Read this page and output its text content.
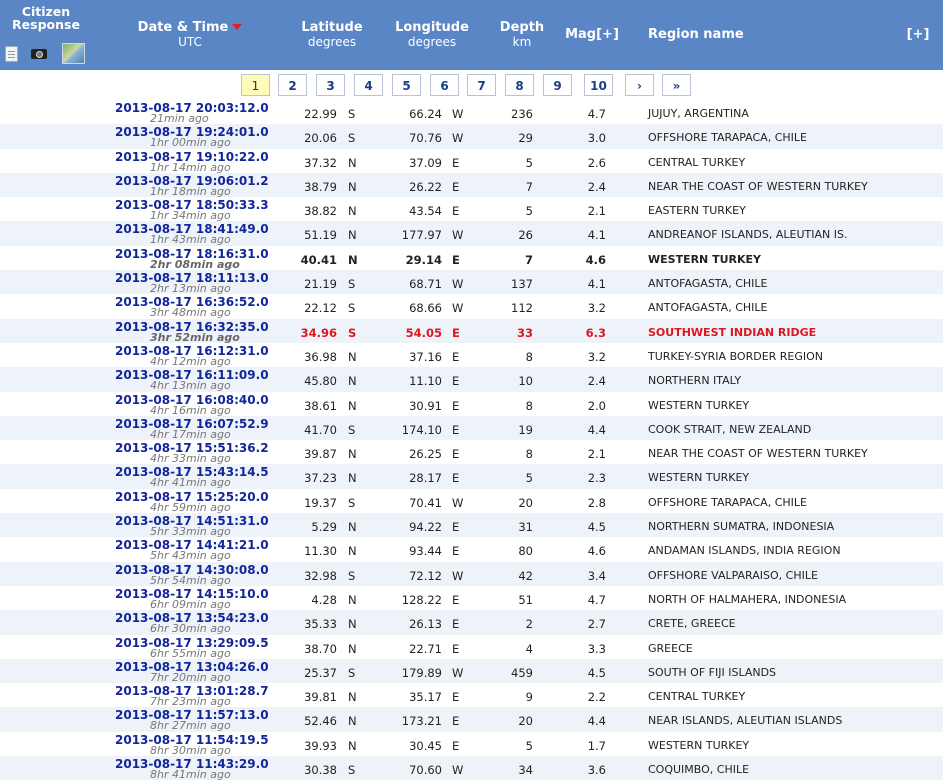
Citizen
Response	Date & Time
UTC
Latitude
degrees
Longitude
degrees
Depth
km	Mag[+]	Region name	[+]
1	2	3	4	5	6	7	8	9	10	›	»
2013-08-17 20:03:12.0
21min ago	22.99 S	66.24 W	236	4.7	JUJUY, ARGENTINA
2013-08-17 19:24:01.0
1hr 00min ago	20.06 S	70.76 W	29	3.0	OFFSHORE TARAPACA, CHILE
2013-08-17 19:10:22.0
1hr 14min ago	37.32 N	37.09 E	5	2.6	CENTRAL TURKEY
2013-08-17 19:06:01.2
1hr 18min ago	38.79 N	26.22 E	7	2.4	NEAR THE COAST OF WESTERN TURKEY
2013-08-17 18:50:33.3
1hr 34min ago	38.82 N	43.54 E	5	2.1	EASTERN TURKEY
2013-08-17 18:41:49.0
1hr 43min ago	51.19 N	177.97 W	26	4.1	ANDREANOF ISLANDS, ALEUTIAN IS.
2013-08-17 18:16:31.0
2hr 08min ago	40.41 N	29.14 E	7	4.6	WESTERN TURKEY
2013-08-17 18:11:13.0
2hr 13min ago	21.19 S	68.71 W	137	4.1	ANTOFAGASTA, CHILE
2013-08-17 16:36:52.0
3hr 48min ago	22.12 S	68.66 W	112	3.2	ANTOFAGASTA, CHILE
2013-08-17 16:32:35.0
3hr 52min ago	34.96 S	54.05 E	33	6.3	SOUTHWEST INDIAN RIDGE
2013-08-17 16:12:31.0
4hr 12min ago	36.98 N	37.16 E	8	3.2	TURKEY-SYRIA BORDER REGION
2013-08-17 16:11:09.0
4hr 13min ago	45.80 N	11.10 E	10	2.4	NORTHERN ITALY
2013-08-17 16:08:40.0
4hr 16min ago	38.61 N	30.91 E	8	2.0	WESTERN TURKEY
2013-08-17 16:07:52.9
4hr 17min ago	41.70 S	174.10 E	19	4.4	COOK STRAIT, NEW ZEALAND
2013-08-17 15:51:36.2
4hr 33min ago	39.87 N	26.25 E	8	2.1	NEAR THE COAST OF WESTERN TURKEY
2013-08-17 15:43:14.5
4hr 41min ago	37.23 N	28.17 E	5	2.3	WESTERN TURKEY
2013-08-17 15:25:20.0
4hr 59min ago	19.37 S	70.41 W	20	2.8	OFFSHORE TARAPACA, CHILE
2013-08-17 14:51:31.0
5hr 33min ago	5.29 N	94.22 E	31	4.5	NORTHERN SUMATRA, INDONESIA
2013-08-17 14:41:21.0
5hr 43min ago	11.30 N	93.44 E	80	4.6	ANDAMAN ISLANDS, INDIA REGION
2013-08-17 14:30:08.0
5hr 54min ago	32.98 S	72.12 W	42	3.4	OFFSHORE VALPARAISO, CHILE
2013-08-17 14:15:10.0
6hr 09min ago	4.28 N	128.22 E	51	4.7	NORTH OF HALMAHERA, INDONESIA
2013-08-17 13:54:23.0
6hr 30min ago	35.33 N	26.13 E	2	2.7	CRETE, GREECE
2013-08-17 13:29:09.5
6hr 55min ago	38.70 N	22.71 E	4	3.3	GREECE
2013-08-17 13:04:26.0
7hr 20min ago	25.37 S	179.89 W	459	4.5	SOUTH OF FIJI ISLANDS
2013-08-17 13:01:28.7
7hr 23min ago	39.81 N	35.17 E	9	2.2	CENTRAL TURKEY
2013-08-17 11:57:13.0
8hr 27min ago	52.46 N	173.21 E	20	4.4	NEAR ISLANDS, ALEUTIAN ISLANDS
2013-08-17 11:54:19.5
8hr 30min ago	39.93 N	30.45 E	5	1.7	WESTERN TURKEY
2013-08-17 11:43:29.0
8hr 41min ago	30.38 S	70.60 W	34	3.6	COQUIMBO, CHILE
